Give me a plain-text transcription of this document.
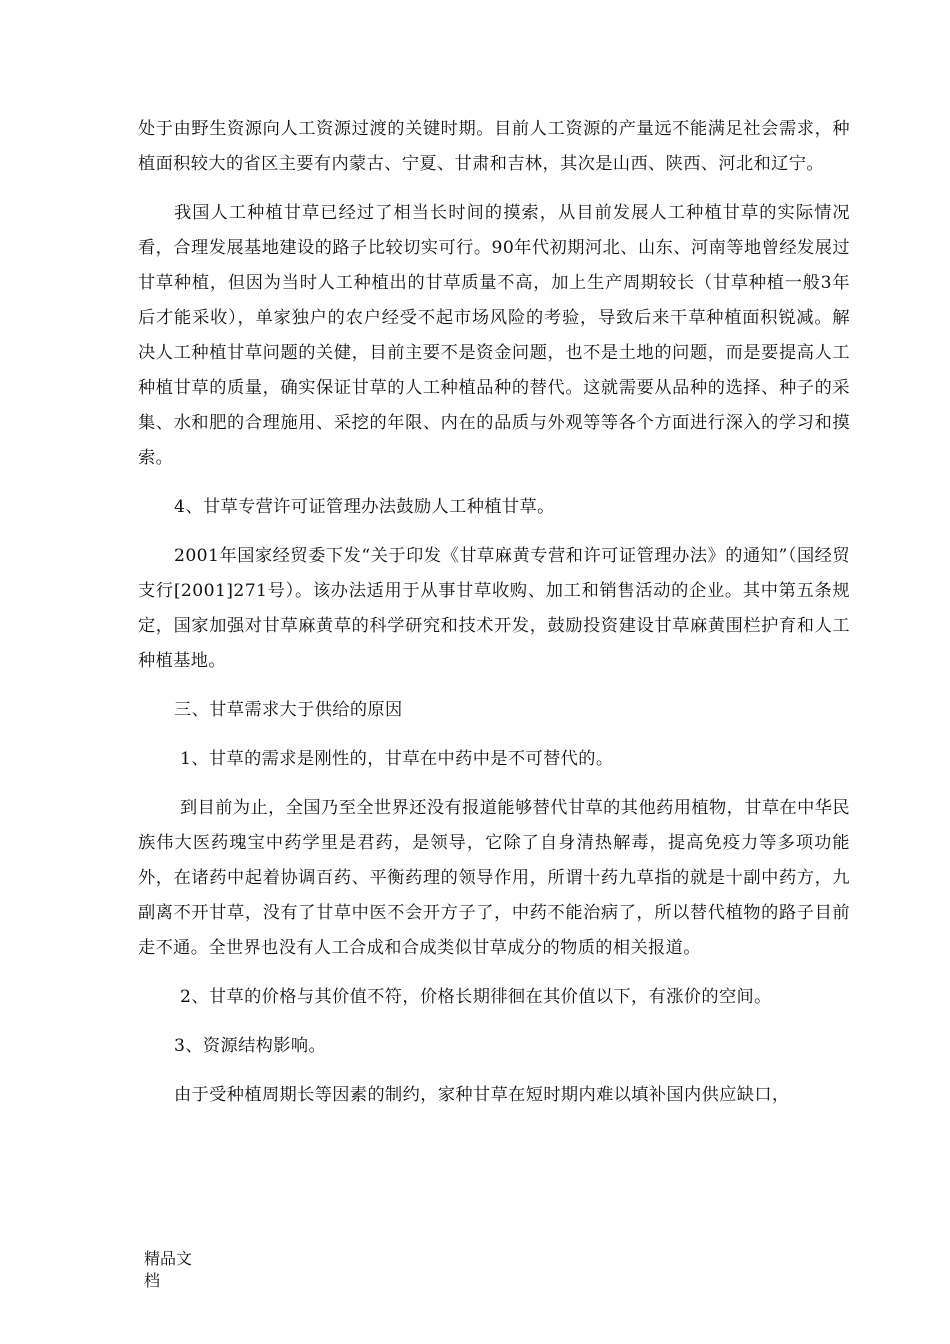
处于由野生资源向人工资源过渡的关键时期。目前人工资源的产量远不能满足社会需求，种植面积较大的省区主要有内蒙古、宁夏、甘肃和吉林，其次是山西、陕西、河北和辽宁。

我国人工种植甘草已经过了相当长时间的摸索，从目前发展人工种植甘草的实际情况看，合理发展基地建设的路子比较切实可行。90年代初期河北、山东、河南等地曾经发展过甘草种植，但因为当时人工种植出的甘草质量不高，加上生产周期较长（甘草种植一般3年后才能采收），单家独户的农户经受不起市场风险的考验，导致后来干草种植面积锐减。解决人工种植甘草问题的关健，目前主要不是资金问题，也不是土地的问题，而是要提高人工种植甘草的质量，确实保证甘草的人工种植品种的替代。这就需要从品种的选择、种子的采集、水和肥的合理施用、采挖的年限、内在的品质与外观等等各个方面进行深入的学习和摸索。

4、甘草专营许可证管理办法鼓励人工种植甘草。

2001年国家经贸委下发“关于印发《甘草麻黄专营和许可证管理办法》的通知”（国经贸支行[2001]271号）。该办法适用于从事甘草收购、加工和销售活动的企业。其中第五条规定，国家加强对甘草麻黄草的科学研究和技术开发，鼓励投资建设甘草麻黄围栏护育和人工种植基地。

三、甘草需求大于供给的原因

1、甘草的需求是刚性的，甘草在中药中是不可替代的。

到目前为止，全国乃至全世界还没有报道能够替代甘草的其他药用植物，甘草在中华民族伟大医药瑰宝中药学里是君药，是领导，它除了自身清热解毒，提高免疫力等多项功能外，在诸药中起着协调百药、平衡药理的领导作用，所谓十药九草指的就是十副中药方，九副离不开甘草，没有了甘草中医不会开方子了，中药不能治病了，所以替代植物的路子目前走不通。全世界也没有人工合成和合成类似甘草成分的物质的相关报道。

2、甘草的价格与其价值不符，价格长期徘徊在其价值以下，有涨价的空间。

3、资源结构影响。

由于受种植周期长等因素的制约，家种甘草在短时期内难以填补国内供应缺口，

精品文
档
